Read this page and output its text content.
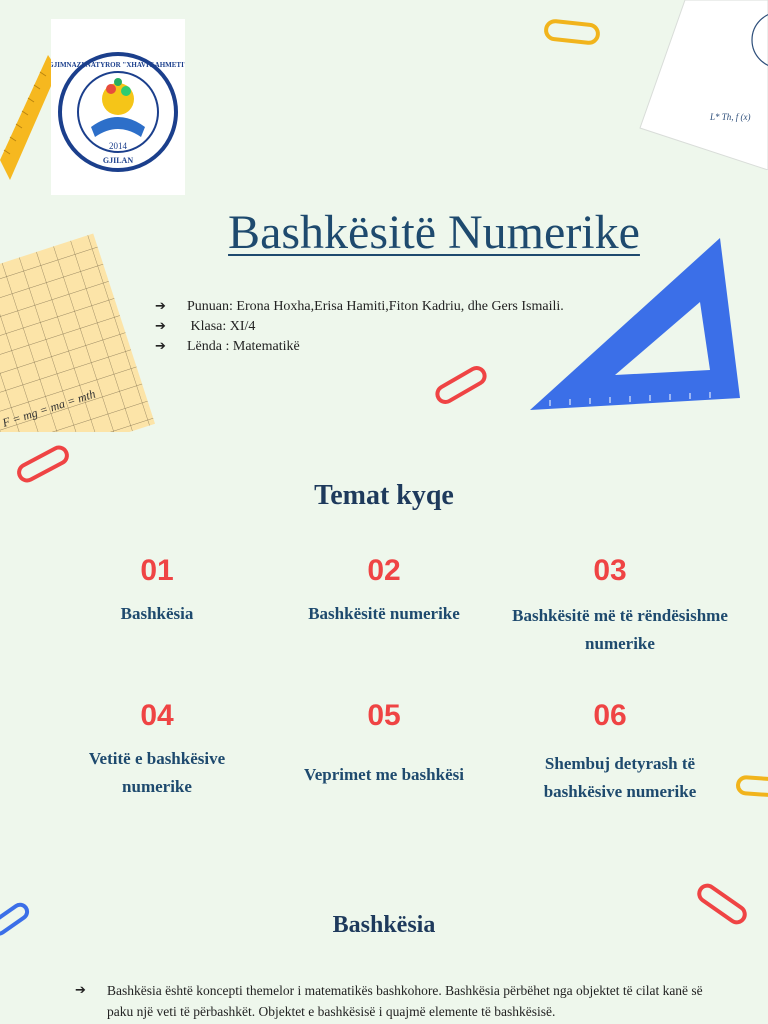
L* Th, f (x)
GJIMNAZI NATYROR "XHAVIT AHMETI"
2014
GJILAN
F = mg = ma = mth
Bashkësitë Numerike
➔	Punuan: Erona Hoxha,Erisa Hamiti,Fiton Kadriu, dhe Gers Ismaili.
➔	Klasa: XI/4
➔	Lënda : Matematikë
Temat kyqe
01
Bashkësia
02
Bashkësitë numerike
03
Bashkësitë më të rëndësishme numerike
04
Vetitë e bashkësive numerike
05
Veprimet me bashkësi
06
Shembuj detyrash të bashkësive numerike
Bashkësia
➔	Bashkësia është koncepti themelor i matematikës bashkohore. Bashkësia përbëhet nga objektet të cilat kanë së paku një veti të përbashkët. Objektet e bashkësisë i quajmë elemente të bashkësisë.
